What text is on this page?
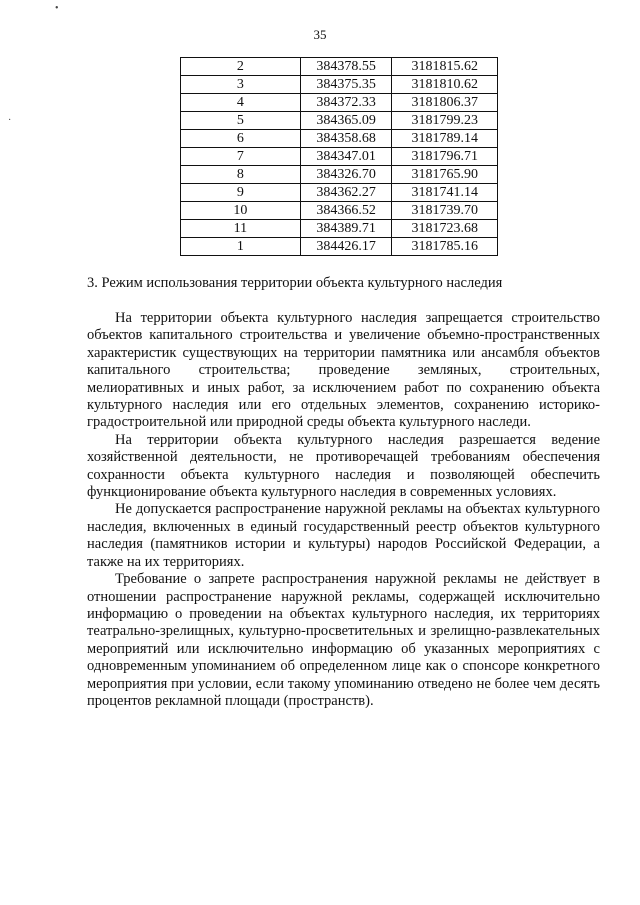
•
·
35
2	384378.55	3181815.62
3	384375.35	3181810.62
4	384372.33	3181806.37
5	384365.09	3181799.23
6	384358.68	3181789.14
7	384347.01	3181796.71
8	384326.70	3181765.90
9	384362.27	3181741.14
10	384366.52	3181739.70
11	384389.71	3181723.68
1	384426.17	3181785.16
3. Режим использования территории объекта культурного наследия

На территории объекта культурного наследия запрещается строительство объектов капитального строительства и увеличение объемно-пространственных характеристик существующих на территории памятника или ансамбля объектов капитального строительства; проведение земляных, строительных, мелиоративных и иных работ, за исключением работ по сохранению объекта культурного наследия или его отдельных элементов, сохранению историко-градостроительной или природной среды объекта культурного наследи.

На территории объекта культурного наследия разрешается ведение хозяйственной деятельности, не противоречащей требованиям обеспечения сохранности объекта культурного наследия и позволяющей обеспечить функционирование объекта культурного наследия в современных условиях.

Не допускается распространение наружной рекламы на объектах культурного наследия, включенных в единый государственный реестр объектов культурного наследия (памятников истории и культуры) народов Российской Федерации, а также на их территориях.

Требование о запрете распространения наружной рекламы не действует в отношении распространение наружной рекламы, содержащей исключительно информацию о проведении на объектах культурного наследия, их территориях театрально-зрелищных, культурно-просветительных и зрелищно-развлекательных мероприятий или исключительно информацию об указанных мероприятиях с одновременным упоминанием об определенном лице как о спонсоре конкретного мероприятия при условии, если такому упоминанию отведено не более чем десять процентов рекламной площади (пространств).
